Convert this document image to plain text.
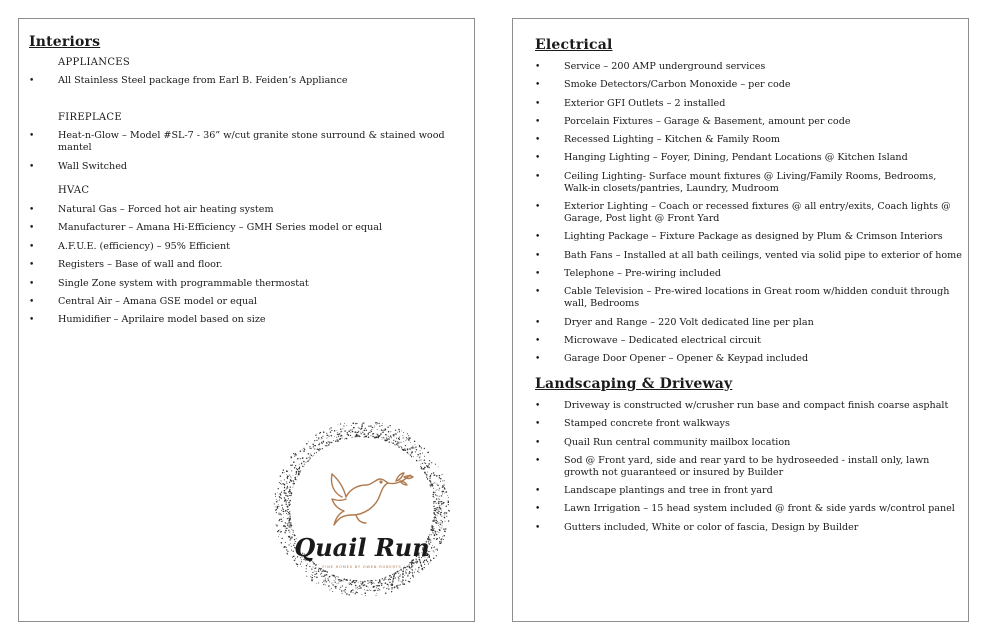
Interiors
APPLIANCES
• All Stainless Steel package from Earl B. Feiden’s Appliance
FIREPLACE
• Heat-n-Glow – Model #SL-7 - 36” w/cut granite stone surround & stained wood mantel
• Wall Switched
HVAC
• Natural Gas – Forced hot air heating system
• Manufacturer – Amana Hi-Efficiency – GMH Series model or equal
• A.F.U.E. (efficiency) – 95% Efficient
• Registers – Base of wall and floor.
• Single Zone system with programmable thermostat
• Central Air – Amana GSE model or equal
• Humidifier – Aprilaire model based on size
Quail Run
FINE HOMES BY OWEN ROBERTS
Electrical
• Service – 200 AMP underground services
• Smoke Detectors/Carbon Monoxide – per code
• Exterior GFI Outlets – 2 installed
• Porcelain Fixtures – Garage & Basement, amount per code
• Recessed Lighting – Kitchen & Family Room
• Hanging Lighting – Foyer, Dining, Pendant Locations @ Kitchen Island
• Ceiling Lighting- Surface mount fixtures @ Living/Family Rooms, Bedrooms, Walk-in closets/pantries, Laundry, Mudroom
• Exterior Lighting – Coach or recessed fixtures @ all entry/exits, Coach lights @ Garage, Post light @ Front Yard
• Lighting Package – Fixture Package as designed by Plum & Crimson Interiors
• Bath Fans – Installed at all bath ceilings, vented via solid pipe to exterior of home
• Telephone – Pre-wiring included
• Cable Television – Pre-wired locations in Great room w/hidden conduit through wall, Bedrooms
• Dryer and Range – 220 Volt dedicated line per plan
• Microwave – Dedicated electrical circuit
• Garage Door Opener – Opener & Keypad included
Landscaping & Driveway
• Driveway is constructed w/crusher run base and compact finish coarse asphalt
• Stamped concrete front walkways
• Quail Run central community mailbox location
• Sod @ Front yard, side and rear yard to be hydroseeded - install only, lawn growth not guaranteed or insured by Builder
• Landscape plantings and tree in front yard
• Lawn Irrigation – 15 head system included @ front & side yards w/control panel
• Gutters included, White or color of fascia, Design by Builder
